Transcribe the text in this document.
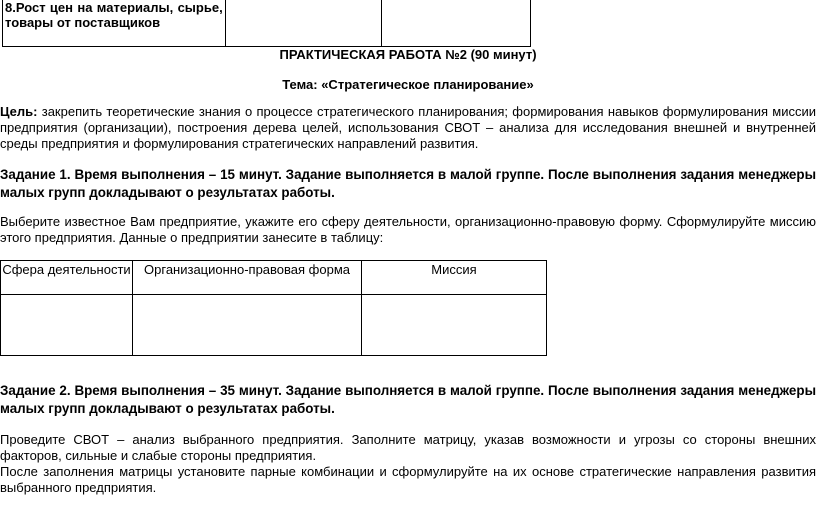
8.Рост цен на материалы, сырье, товары от поставщиков

ПРАКТИЧЕСКАЯ РАБОТА №2 (90 минут)
Тема: «Стратегическое планирование»
Цель: закрепить теоретические знания о процессе стратегического планирования; формирования навыков формулирования миссии предприятия (организации), построения дерева целей, использования СВОТ – анализа для исследования внешней и внутренней среды предприятия и формулирования стратегических направлений развития.
Задание 1. Время выполнения – 15 минут. Задание выполняется в малой группе. После выполнения задания менеджеры малых групп докладывают о результатах работы.
Выберите известное Вам предприятие, укажите его сферу деятельности, организационно-правовую форму. Сформулируйте миссию этого предприятия. Данные о предприятии занесите в таблицу:
Сфера деятельности	Организационно-правовая форма	Миссия

Задание 2. Время выполнения – 35 минут. Задание выполняется в малой группе. После выполнения задания менеджеры малых групп докладывают о результатах работы.
Проведите СВОТ – анализ выбранного предприятия. Заполните матрицу, указав возможности и угрозы со стороны внешних факторов, сильные и слабые стороны предприятия.
После заполнения матрицы установите парные комбинации и сформулируйте на их основе стратегические направления развития выбранного предприятия.
